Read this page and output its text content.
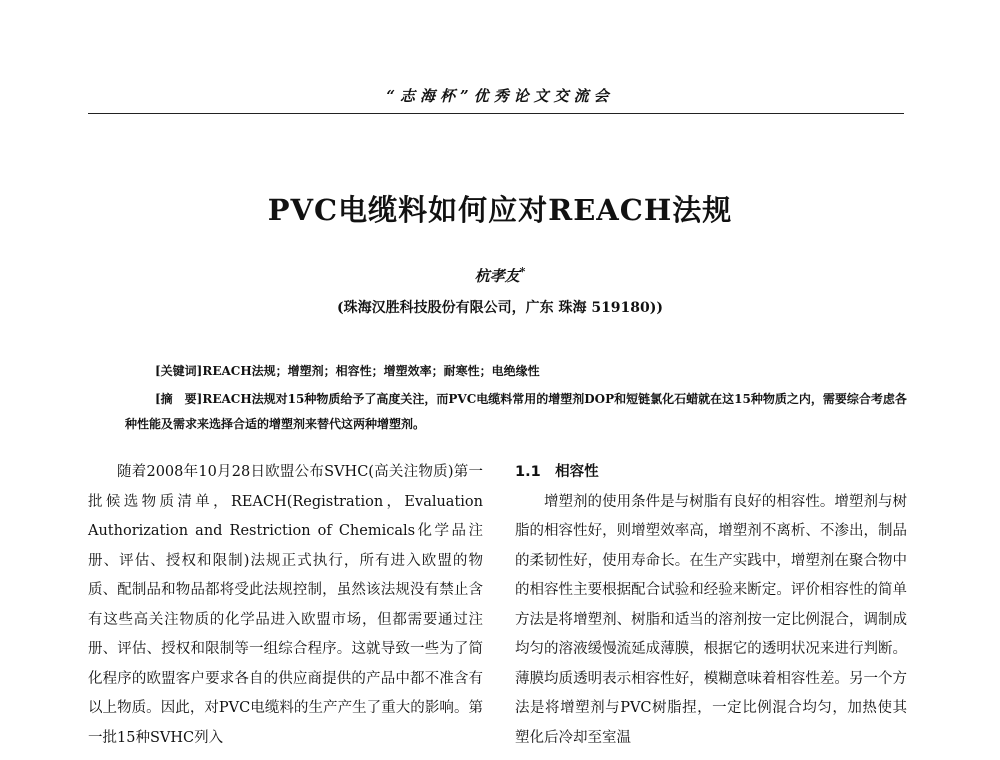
“志海杯”优秀论文交流会
PVC电缆料如何应对REACH法规
杭孝友*
(珠海汉胜科技股份有限公司，广东 珠海 519180))
[关键词]REACH法规；增塑剂；相容性；增塑效率；耐寒性；电绝缘性
[摘　要]REACH法规对15种物质给予了高度关注，而PVC电缆料常用的增塑剂DOP和短链氯化石蜡就在这15种物质之内，需要综合考虑各种性能及需求来选择合适的增塑剂来替代这两种增塑剂。
随着2008年10月28日欧盟公布SVHC(高关注物质)第一批候选物质清单，REACH(Registration，Evaluation Authorization and Restriction of Chemicals化学品注册、评估、授权和限制)法规正式执行，所有进入欧盟的物质、配制品和物品都将受此法规控制，虽然该法规没有禁止含有这些高关注物质的化学品进入欧盟市场，但都需要通过注册、评估、授权和限制等一组综合程序。这就导致一些为了简化程序的欧盟客户要求各自的供应商提供的产品中都不准含有以上物质。因此，对PVC电缆料的生产产生了重大的影响。第一批15种SVHC列入
1.1　相容性
增塑剂的使用条件是与树脂有良好的相容性。增塑剂与树脂的相容性好，则增塑效率高，增塑剂不离析、不渗出，制品的柔韧性好，使用寿命长。在生产实践中，增塑剂在聚合物中的相容性主要根据配合试验和经验来断定。评价相容性的简单方法是将增塑剂、树脂和适当的溶剂按一定比例混合，调制成均匀的溶液缓慢流延成薄膜，根据它的透明状况来进行判断。薄膜均质透明表示相容性好，模糊意味着相容性差。另一个方法是将增塑剂与PVC树脂捏，一定比例混合均匀，加热使其塑化后冷却至室温
